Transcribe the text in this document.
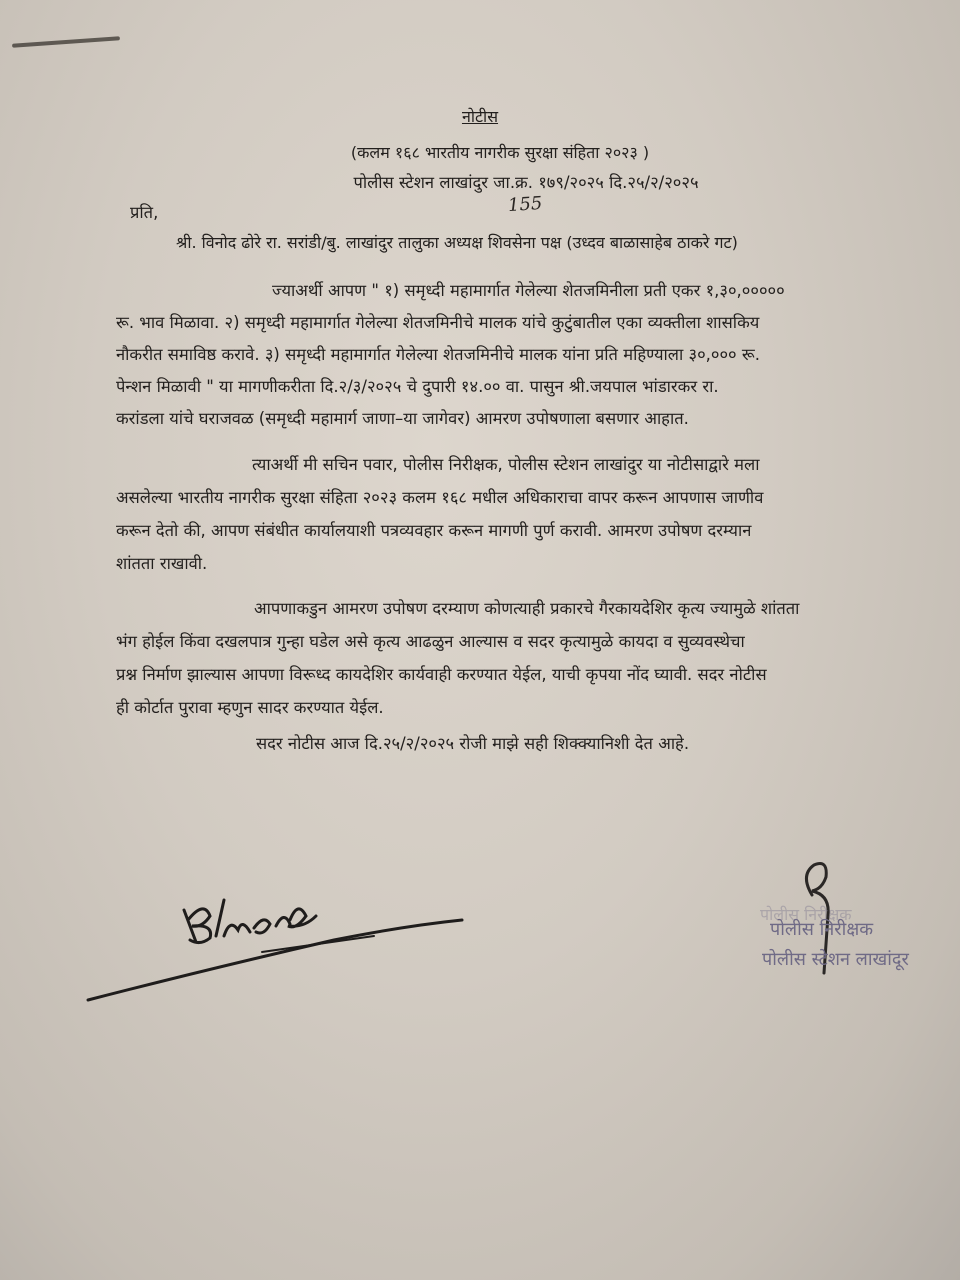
नोटीस
(कलम १६८ भारतीय नागरीक सुरक्षा संहिता २०२३ )
पोलीस स्टेशन लाखांदुर जा.क्र. १७९/२०२५ दि.२५/२/२०२५
155
प्रति,
श्री. विनोद ढोरे रा. सरांडी/बु. लाखांदुर तालुका अध्यक्ष शिवसेना पक्ष (उध्दव बाळासाहेब ठाकरे गट)
ज्याअर्थी आपण " १) समृध्दी महामार्गात गेलेल्या शेतजमिनीला प्रती एकर १,३०,०००००
रू. भाव मिळावा. २) समृध्दी महामार्गात गेलेल्या शेतजमिनीचे मालक यांचे कुटुंबातील एका व्यक्तीला शासकिय
नौकरीत समाविष्ठ करावे. ३) समृध्दी महामार्गात गेलेल्या शेतजमिनीचे मालक यांना प्रति महिण्याला ३०,००० रू.
पेन्शन मिळावी " या मागणीकरीता दि.२/३/२०२५ चे दुपारी १४.०० वा. पासुन श्री.जयपाल भांडारकर रा.
करांडला यांचे घराजवळ (समृध्दी महामार्ग जाणा–या जागेवर) आमरण उपोषणाला बसणार आहात.
त्याअर्थी मी सचिन पवार, पोलीस निरीक्षक, पोलीस स्टेशन लाखांदुर या नोटीसाद्वारे मला
असलेल्या भारतीय नागरीक सुरक्षा संहिता २०२३ कलम १६८ मधील अधिकाराचा वापर करून आपणास जाणीव
करून देतो की, आपण संबंधीत कार्यालयाशी पत्रव्यवहार करून मागणी पुर्ण करावी. आमरण उपोषण दरम्यान
शांतता राखावी.
आपणाकडुन आमरण उपोषण दरम्याण कोणत्याही प्रकारचे गैरकायदेशिर कृत्य ज्यामुळे शांतता
भंग होईल किंवा दखलपात्र गुन्हा घडेल असे कृत्य आढळुन आल्यास व सदर कृत्यामुळे कायदा व सुव्यवस्थेचा
प्रश्न निर्माण झाल्यास आपणा विरूध्द कायदेशिर कार्यवाही करण्यात येईल, याची कृपया नोंद घ्यावी. सदर नोटीस
ही कोर्टात पुरावा म्हणुन सादर करण्यात येईल.
सदर नोटीस आज दि.२५/२/२०२५ रोजी माझे सही शिक्क्यानिशी देत आहे.
पोलीस निरीक्षक
पोलीस निरीक्षक
पोलीस स्टेशन लाखांदूर
